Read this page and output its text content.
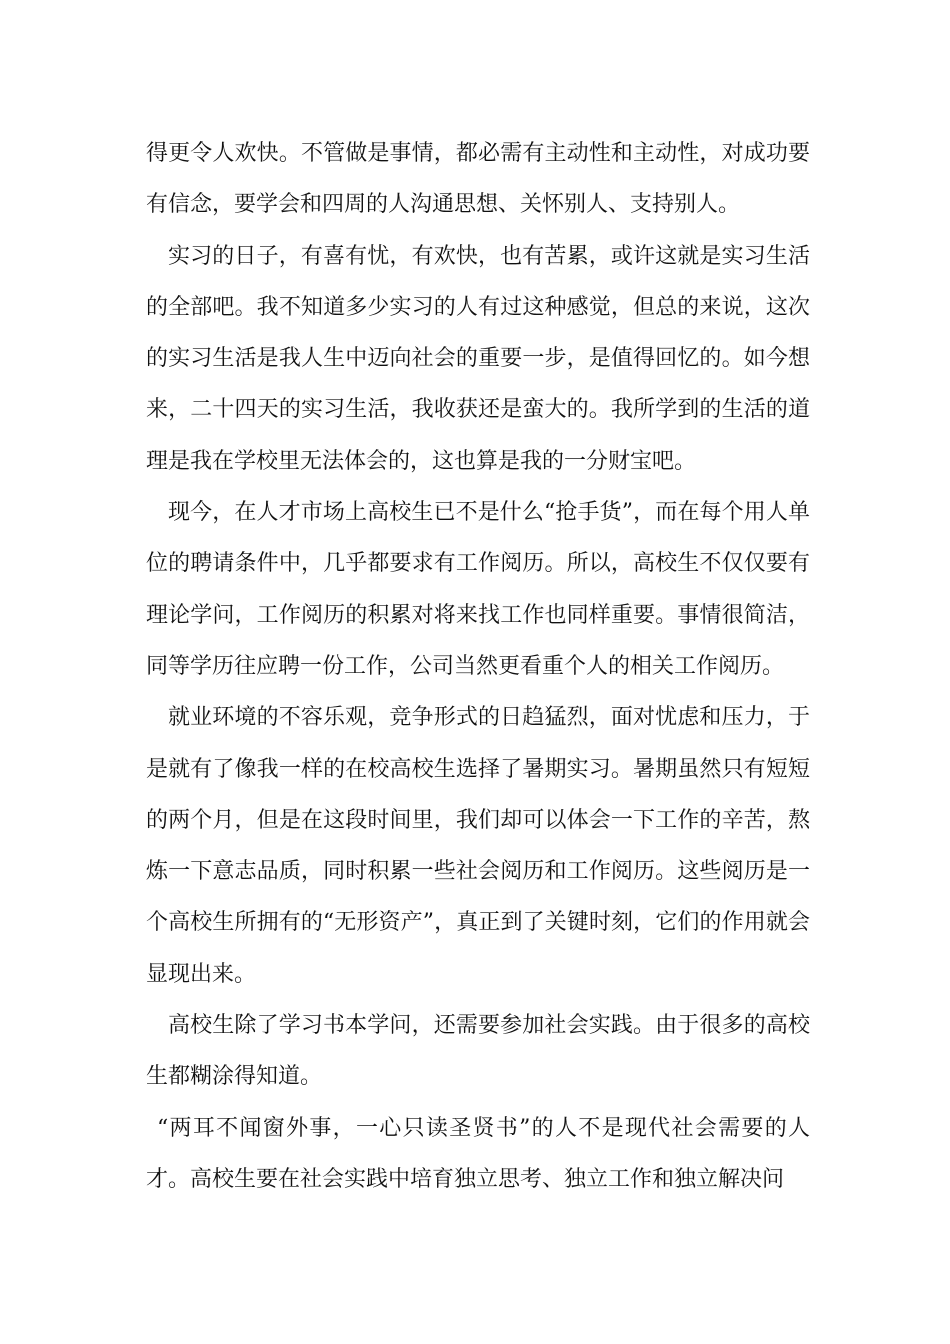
得更令人欢快。不管做是事情，都必需有主动性和主动性，对成功要有信念，要学会和四周的人沟通思想、关怀别人、支持别人。

实习的日子，有喜有忧，有欢快，也有苦累，或许这就是实习生活的全部吧。我不知道多少实习的人有过这种感觉，但总的来说，这次的实习生活是我人生中迈向社会的重要一步，是值得回忆的。如今想来，二十四天的实习生活，我收获还是蛮大的。我所学到的生活的道理是我在学校里无法体会的，这也算是我的一分财宝吧。

现今，在人才市场上高校生已不是什么“抢手货”，而在每个用人单位的聘请条件中，几乎都要求有工作阅历。所以，高校生不仅仅要有理论学问，工作阅历的积累对将来找工作也同样重要。事情很简洁，同等学历往应聘一份工作，公司当然更看重个人的相关工作阅历。

就业环境的不容乐观，竞争形式的日趋猛烈，面对忧虑和压力，于是就有了像我一样的在校高校生选择了暑期实习。暑期虽然只有短短的两个月，但是在这段时间里，我们却可以体会一下工作的辛苦，熬炼一下意志品质，同时积累一些社会阅历和工作阅历。这些阅历是一个高校生所拥有的“无形资产”，真正到了关键时刻，它们的作用就会显现出来。

高校生除了学习书本学问，还需要参加社会实践。由于很多的高校生都糊涂得知道。

“两耳不闻窗外事，一心只读圣贤书”的人不是现代社会需要的人才。高校生要在社会实践中培育独立思考、独立工作和独立解决问
